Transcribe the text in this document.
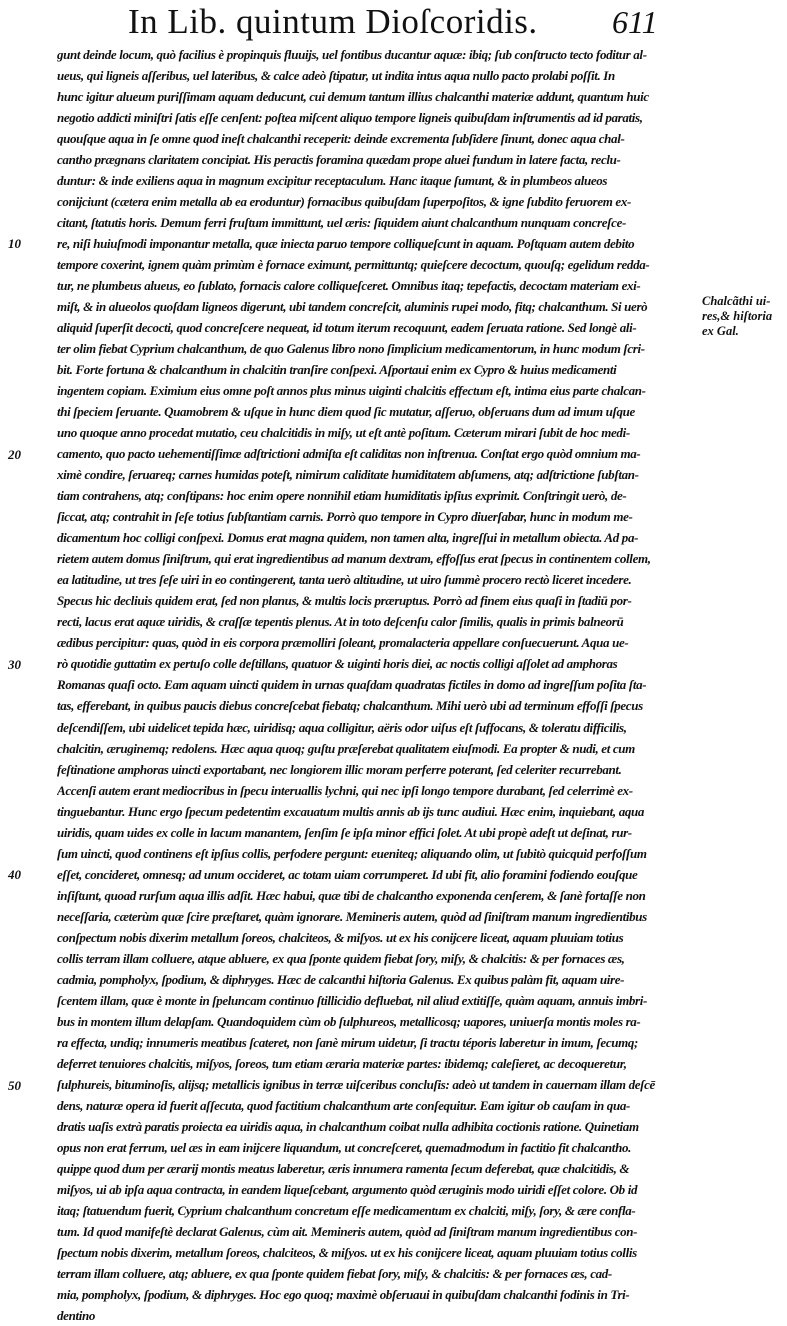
In Lib. quintum Dioſcoridis. 611
10
20
30
40
50
Chalcãthi ui-
res,& hiſtoria
ex Gal.
gunt deinde locum, quò facilius è propinquis fluuijs, uel fontibus ducantur aquæ: ibiq; ſub conſtructo tecto foditur al-
ueus, qui ligneis aſſeribus, uel lateribus, & calce adeò ſtipatur, ut indita intus aqua nullo pacto prolabi poſſit. In
hunc igitur alueum puriſſimam aquam deducunt, cui demum tantum illius chalcanthi materiæ addunt, quantum huic
negotio addicti miniſtri ſatis eſſe cenſent: poſtea miſcent aliquo tempore ligneis quibuſdam inſtrumentis ad id paratis,
quouſque aqua in ſe omne quod ineſt chalcanthi receperit: deinde excrementa ſubſidere ſinunt, donec aqua chal-
cantho prægnans claritatem concipiat. His peractis foramina quædam prope aluei fundum in latere facta, reclu-
duntur: & inde exiliens aqua in magnum excipitur receptaculum. Hanc itaque ſumunt, & in plumbeos alueos
conijciunt (cætera enim metalla ab ea eroduntur) fornacibus quibuſdam ſuperpoſitos, & igne ſubdito feruorem ex-
citant, ſtatutis horis. Demum ferri fruſtum immittunt, uel æris: ſiquidem aiunt chalcanthum nunquam concreſce-
re, niſi huiuſmodi imponantur metalla, quæ iniecta paruo tempore colliqueſcunt in aquam. Poſtquam autem debito
tempore coxerint, ignem quàm primùm è fornace eximunt, permittuntq; quieſcere decoctum, quouſq; egelidum redda-
tur, ne plumbeus alueus, eo ſublato, fornacis calore colliqueſceret. Omnibus itaq; tepefactis, decoctam materiam exi-
miſt, & in alueolos quoſdam ligneos digerunt, ubi tandem concreſcit, aluminis rupei modo, fitq; chalcanthum. Si uerò
aliquid ſuperſit decocti, quod concreſcere nequeat, id totum iterum recoquunt, eadem ſeruata ratione. Sed longè ali-
ter olim fiebat Cyprium chalcanthum, de quo Galenus libro nono ſimplicium medicamentorum, in hunc modum ſcri-
bit. Forte fortuna & chalcanthum in chalcitin tranſire conſpexi. Aſportaui enim ex Cypro & huius medicamenti
ingentem copiam. Eximium eius omne poſt annos plus minus uiginti chalcitis effectum eſt, intima eius parte chalcan-
thi ſpeciem ſeruante. Quamobrem & uſque in hunc diem quod ſic mutatur, aſſeruo, obſeruans dum ad imum uſque
uno quoque anno procedat mutatio, ceu chalcitidis in miſy, ut eſt antè poſitum. Cæterum mirari ſubit de hoc medi-
camento, quo pacto uehementiſſimæ adſtrictioni admiſta eſt caliditas non inſtrenua. Conſtat ergo quòd omnium ma-
ximè condire, ſeruareq; carnes humidas poteſt, nimirum caliditate humiditatem abſumens, atq; adſtrictione ſubſtan-
tiam contrahens, atq; conſtipans: hoc enim opere nonnihil etiam humiditatis ipſius exprimit. Conſtringit uerò, de-
ſiccat, atq; contrahit in ſeſe totius ſubſtantiam carnis. Porrò quo tempore in Cypro diuerſabar, hunc in modum me-
dicamentum hoc colligi conſpexi. Domus erat magna quidem, non tamen alta, ingreſſui in metallum obiecta. Ad pa-
rietem autem domus ſiniſtrum, qui erat ingredientibus ad manum dextram, effoſſus erat ſpecus in continentem collem,
ea latitudine, ut tres ſeſe uiri in eo contingerent, tanta uerò altitudine, ut uiro ſummè procero rectò liceret incedere.
Specus hic decliuis quidem erat, ſed non planus, & multis locis præruptus. Porrò ad finem eius quaſi in ſtadiū por-
recti, lacus erat aquæ uiridis, & craſſæ tepentis plenus. At in toto deſcenſu calor ſimilis, qualis in primis balneorū
ædibus percipitur: quas, quòd in eis corpora præmolliri ſoleant, promalacteria appellare conſuecuerunt. Aqua ue-
rò quotidie guttatim ex pertuſo colle deſtillans, quatuor & uiginti horis diei, ac noctis colligi aſſolet ad amphoras
Romanas quaſi octo. Eam aquam uincti quidem in urnas quaſdam quadratas fictiles in domo ad ingreſſum poſita ſta-
tas, efferebant, in quibus paucis diebus concreſcebat fiebatq; chalcanthum. Mihi uerò ubi ad terminum effoſſi ſpecus
deſcendiſſem, ubi uidelicet tepida hæc, uiridisq; aqua colligitur, aëris odor uiſus eſt ſuffocans, & toleratu difficilis,
chalcitin, æruginemq; redolens. Hæc aqua quoq; guſtu præſerebat qualitatem eiuſmodi. Ea propter & nudi, et cum
feſtinatione amphoras uincti exportabant, nec longiorem illic moram perferre poterant, ſed celeriter recurrebant.
Accenſi autem erant mediocribus in ſpecu interuallis lychni, qui nec ipſi longo tempore durabant, ſed celerrimè ex-
tinguebantur. Hunc ergo ſpecum pedetentim excauatum multis annis ab ijs tunc audiui. Hæc enim, inquiebant, aqua
uiridis, quam uides ex colle in lacum manantem, ſenſim ſe ipſa minor effici ſolet. At ubi propè adeſt ut deſinat, rur-
ſum uincti, quod continens eſt ipſius collis, perfodere pergunt: eueniteq; aliquando olim, ut ſubitò quicquid perfoſſum
eſſet, concideret, omnesq; ad unum occideret, ac totam uiam corrumperet. Id ubi fit, alio foramini fodiendo eouſque
inſiſtunt, quoad rurſum aqua illis adſit. Hæc habui, quæ tibi de chalcantho exponenda cenſerem, & ſanè fortaſſe non
neceſſaria, cæterùm quæ ſcire præſtaret, quàm ignorare. Memineris autem, quòd ad ſiniſtram manum ingredientibus
conſpectum nobis dixerim metallum ſoreos, chalciteos, & miſyos. ut ex his conijcere liceat, aquam pluuiam totius
collis terram illam colluere, atque abluere, ex qua ſponte quidem fiebat ſory, miſy, & chalcitis: & per fornaces æs,
cadmia, pompholyx, ſpodium, & diphryges. Hæc de calcanthi hiſtoria Galenus. Ex quibus palàm fit, aquam uire-
ſcentem illam, quæ è monte in ſpeluncam continuo ſtillicidio defluebat, nil aliud extitiſſe, quàm aquam, annuis imbri-
bus in montem illum delapſam. Quandoquidem cùm ob ſulphureos, metallicosq; uapores, uniuerſa montis moles ra-
ra effecta, undiq; innumeris meatibus ſcateret, non ſanè mirum uidetur, ſi tractu téporis laberetur in imum, ſecumq;
deferret tenuiores chalcitis, miſyos, ſoreos, tum etiam æraria materiæ partes: ibidemq; caleſieret, ac decoqueretur,
ſulphureis, bituminoſis, alijsq; metallicis ignibus in terræ uiſceribus concluſis: adeò ut tandem in cauernam illam deſcē
dens, naturæ opera id fuerit aſſecuta, quod factitium chalcanthum arte conſequitur. Eam igitur ob cauſam in qua-
dratis uaſis extrà paratis proiecta ea uiridis aqua, in chalcanthum coibat nulla adhibita coctionis ratione. Quinetiam
opus non erat ferrum, uel æs in eam inijcere liquandum, ut concreſceret, quemadmodum in factitio fit chalcantho.
quippe quod dum per ærarij montis meatus laberetur, æris innumera ramenta ſecum deferebat, quæ chalcitidis, &
miſyos, ui ab ipſa aqua contracta, in eandem liqueſcebant, argumento quòd æruginis modo uiridi eſſet colore. Ob id
itaq; ſtatuendum fuerit, Cyprium chalcanthum concretum eſſe medicamentum ex chalciti, miſy, ſory, & ære confla-
tum. Id quod manifeſtè declarat Galenus, cùm ait. Memineris autem, quòd ad ſiniſtram manum ingredientibus con-
ſpectum nobis dixerim, metallum ſoreos, chalciteos, & miſyos. ut ex his conijcere liceat, aquam pluuiam totius collis
terram illam colluere, atq; abluere, ex qua ſponte quidem fiebat ſory, miſy, & chalcitis: & per fornaces æs, cad-
mia, pompholyx, ſpodium, & diphryges. Hoc ego quoq; maximè obſeruaui in quibuſdam chalcanthi fodinis in Tri-
dentino
